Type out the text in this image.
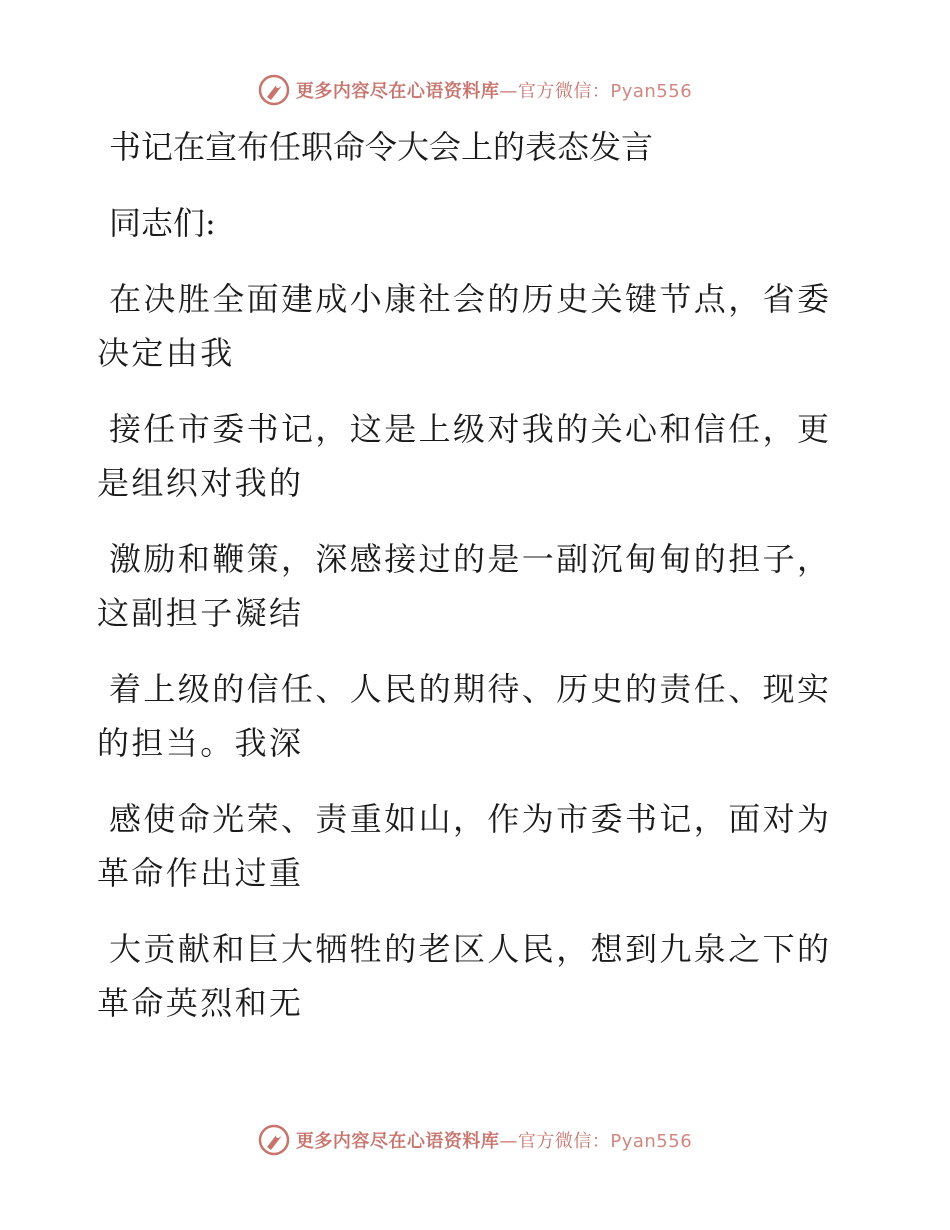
更多内容尽在心语资料库—官方微信：Pyan556
书记在宣布任职命令大会上的表态发言
同志们:
在决胜全面建成小康社会的历史关键节点，省委
决定由我
接任市委书记，这是上级对我的关心和信任，更
是组织对我的
激励和鞭策，深感接过的是一副沉甸甸的担子，
这副担子凝结
着上级的信任、人民的期待、历史的责任、现实
的担当。我深
感使命光荣、责重如山，作为市委书记，面对为
革命作出过重
大贡献和巨大牺牲的老区人民，想到九泉之下的
革命英烈和无
更多内容尽在心语资料库—官方微信：Pyan556
